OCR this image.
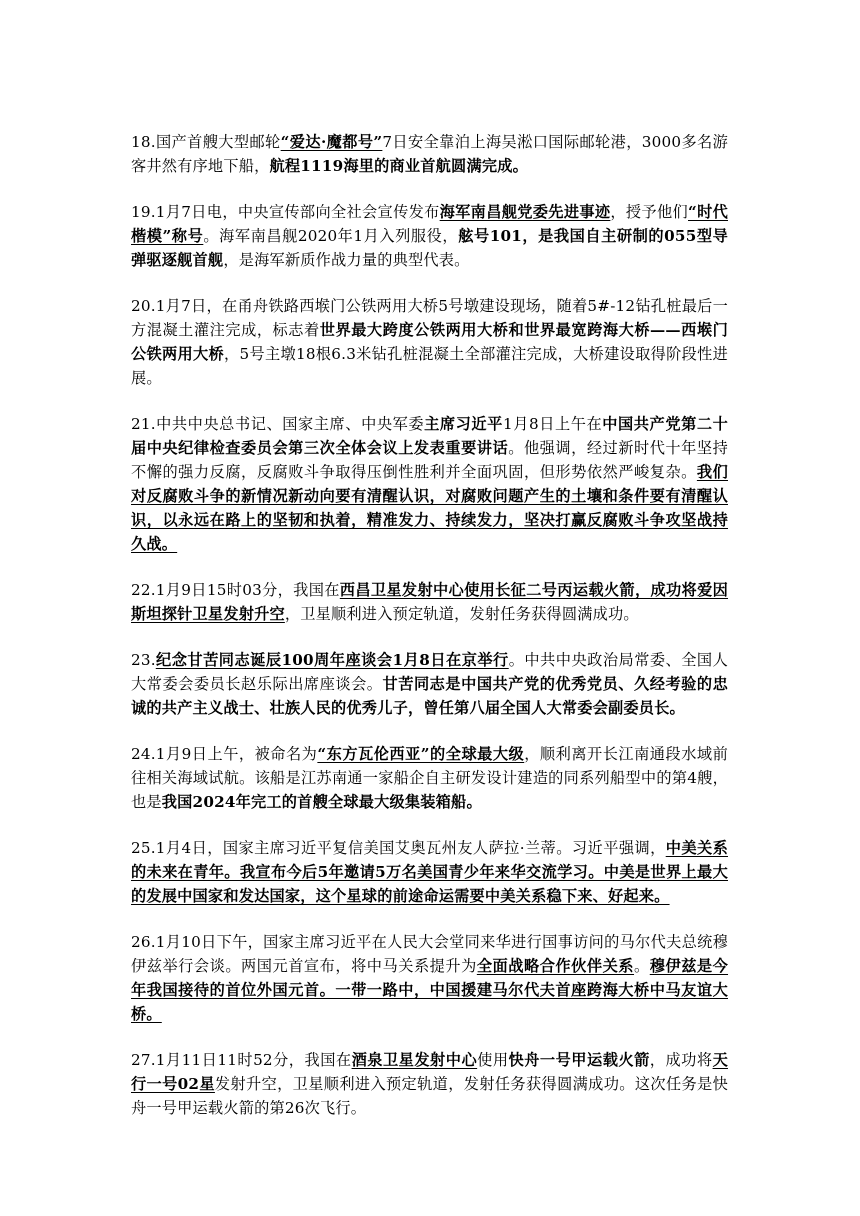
18.国产首艘大型邮轮“爱达·魔都号”7日安全靠泊上海吴淞口国际邮轮港，3000多名游客井然有序地下船，航程1119海里的商业首航圆满完成。

19.1月7日电，中央宣传部向全社会宣传发布海军南昌舰党委先进事迹，授予他们“时代楷模”称号。海军南昌舰2020年1月入列服役，舷号101，是我国自主研制的055型导弹驱逐舰首舰，是海军新质作战力量的典型代表。

20.1月7日，在甬舟铁路西堠门公铁两用大桥5号墩建设现场，随着5#-12钻孔桩最后一方混凝土灌注完成，标志着世界最大跨度公铁两用大桥和世界最宽跨海大桥——西堠门公铁两用大桥，5号主墩18根6.3米钻孔桩混凝土全部灌注完成，大桥建设取得阶段性进展。

21.中共中央总书记、国家主席、中央军委主席习近平1月8日上午在中国共产党第二十届中央纪律检查委员会第三次全体会议上发表重要讲话。他强调，经过新时代十年坚持不懈的强力反腐，反腐败斗争取得压倒性胜利并全面巩固，但形势依然严峻复杂。我们对反腐败斗争的新情况新动向要有清醒认识，对腐败问题产生的土壤和条件要有清醒认识，以永远在路上的坚韧和执着，精准发力、持续发力，坚决打赢反腐败斗争攻坚战持久战。

22.1月9日15时03分，我国在西昌卫星发射中心使用长征二号丙运载火箭，成功将爱因斯坦探针卫星发射升空，卫星顺利进入预定轨道，发射任务获得圆满成功。

23.纪念甘苦同志诞辰100周年座谈会1月8日在京举行。中共中央政治局常委、全国人大常委会委员长赵乐际出席座谈会。甘苦同志是中国共产党的优秀党员、久经考验的忠诚的共产主义战士、壮族人民的优秀儿子，曾任第八届全国人大常委会副委员长。

24.1月9日上午，被命名为“东方瓦伦西亚”的全球最大级，顺利离开长江南通段水域前往相关海域试航。该船是江苏南通一家船企自主研发设计建造的同系列船型中的第4艘，也是我国2024年完工的首艘全球最大级集装箱船。

25.1月4日，国家主席习近平复信美国艾奥瓦州友人萨拉·兰蒂。习近平强调，中美关系的未来在青年。我宣布今后5年邀请5万名美国青少年来华交流学习。中美是世界上最大的发展中国家和发达国家，这个星球的前途命运需要中美关系稳下来、好起来。

26.1月10日下午，国家主席习近平在人民大会堂同来华进行国事访问的马尔代夫总统穆伊兹举行会谈。两国元首宣布，将中马关系提升为全面战略合作伙伴关系。穆伊兹是今年我国接待的首位外国元首。一带一路中，中国援建马尔代夫首座跨海大桥中马友谊大桥。

27.1月11日11时52分，我国在酒泉卫星发射中心使用快舟一号甲运载火箭，成功将天行一号02星发射升空，卫星顺利进入预定轨道，发射任务获得圆满成功。这次任务是快舟一号甲运载火箭的第26次飞行。
